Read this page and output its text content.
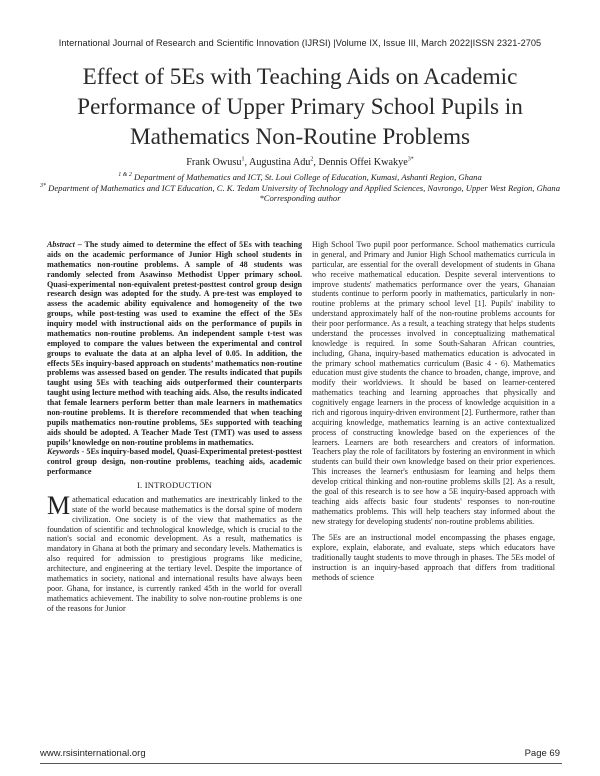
International Journal of Research and Scientific Innovation (IJRSI) |Volume IX, Issue III, March 2022|ISSN 2321-2705
Effect of 5Es with Teaching Aids on Academic Performance of Upper Primary School Pupils in Mathematics Non-Routine Problems
Frank Owusu$^1$, Augustina Adu$^2$, Dennis Offei Kwakye$^{3*}$
$^{1 \& 2}$ Department of Mathematics and ICT, St. Loui College of Education, Kumasi, Ashanti Region, Ghana
$^{3*}$ Department of Mathematics and ICT Education, C. K. Tedam University of Technology and Applied Sciences, Navrongo, Upper West Region, Ghana
*Corresponding author

Abstract – The study aimed to determine the effect of 5Es with teaching aids on the academic performance of Junior High school students in mathematics non-routine problems. A sample of 48 students was randomly selected from Asawinso Methodist Upper primary school. Quasi-experimental non-equivalent pretest-posttest control group design research design was adopted for the study. A pre-test was employed to assess the academic ability equivalence and homogeneity of the two groups, while post-testing was used to examine the effect of the 5Es inquiry model with instructional aids on the performance of pupils in mathematics non-routine problems. An independent sample t-test was employed to compare the values between the experimental and control groups to evaluate the data at an alpha level of 0.05. In addition, the effects 5Es inquiry-based approach on students’ mathematics non-routine problems was assessed based on gender. The results indicated that pupils taught using 5Es with teaching aids outperformed their counterparts taught using lecture method with teaching aids. Also, the results indicated that female learners perform better than male learners in mathematics non-routine problems. It is therefore recommended that when teaching pupils mathematics non-routine problems, 5Es supported with teaching aids should be adopted. A Teacher Made Test (TMT) was used to assess pupils’ knowledge on non-routine problems in mathematics.

Keywords - 5Es inquiry-based model, Quasi-Experimental pretest-posttest control group design, non-routine problems, teaching aids, academic performance

I. INTRODUCTION

Mathematical education and mathematics are inextricably linked to the state of the world because mathematics is the dorsal spine of modern civilization. One society is of the view that mathematics as the foundation of scientific and technological knowledge, which is crucial to the nation's social and economic development. As a result, mathematics is mandatory in Ghana at both the primary and secondary levels. Mathematics is also required for admission to prestigious programs like medicine, architecture, and engineering at the tertiary level. Despite the importance of mathematics in society, national and international results have always been poor. Ghana, for instance, is currently ranked 45th in the world for overall mathematics achievement. The inability to solve non-routine problems is one of the reasons for Junior

High School Two pupil poor performance. School mathematics curricula in general, and Primary and Junior High School mathematics curricula in particular, are essential for the overall development of students in Ghana who receive mathematical education. Despite several interventions to improve students' mathematics performance over the years, Ghanaian students continue to perform poorly in mathematics, particularly in non-routine problems at the primary school level [1]. Pupils' inability to understand approximately half of the non-routine problems accounts for their poor performance. As a result, a teaching strategy that helps students understand the processes involved in conceptualizing mathematical knowledge is required. In some South-Saharan African countries, including, Ghana, inquiry-based mathematics education is advocated in the primary school mathematics curriculum (Basic 4 - 6). Mathematics education must give students the chance to broaden, change, improve, and modify their worldviews. It should be based on learner-centered mathematics teaching and learning approaches that physically and cognitively engage learners in the process of knowledge acquisition in a rich and rigorous inquiry-driven environment [2]. Furthermore, rather than acquiring knowledge, mathematics learning is an active contextualized process of constructing knowledge based on the experiences of the learners. Learners are both researchers and creators of information. Teachers play the role of facilitators by fostering an environment in which students can build their own knowledge based on their prior experiences. This increases the learner's enthusiasm for learning and helps them develop critical thinking and non-routine problems skills [2]. As a result, the goal of this research is to see how a 5E inquiry-based approach with teaching aids affects basic four students' responses to non-routine mathematics problems. This will help teachers stay informed about the new strategy for developing students' non-routine problems abilities.

The 5Es are an instructional model encompassing the phases engage, explore, explain, elaborate, and evaluate, steps which educators have traditionally taught students to move through in phases. The 5Es model of instruction is an inquiry-based approach that differs from traditional methods of science

www.rsisinternational.org	Page 69
